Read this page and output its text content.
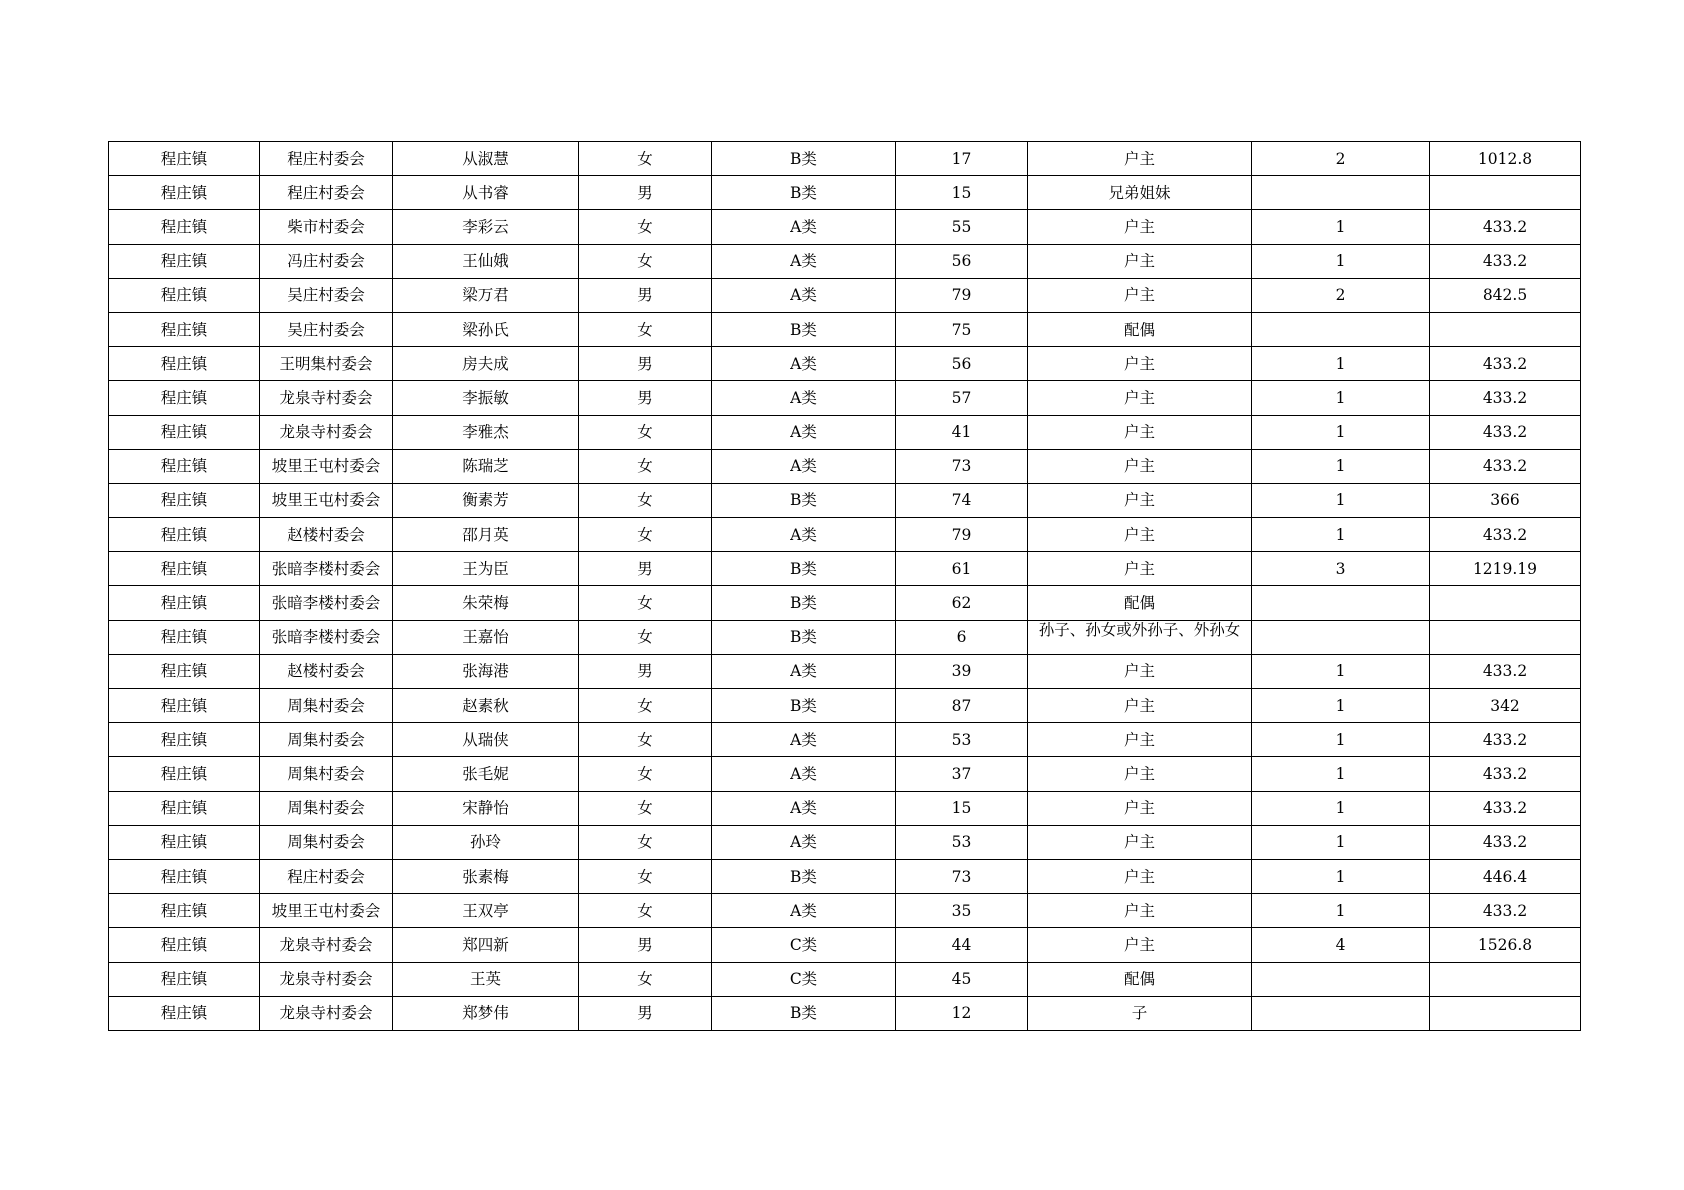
程庄镇	程庄村委会	从淑慧	女	B类	17	户主	2	1012.8
程庄镇	程庄村委会	从书睿	男	B类	15	兄弟姐妹		
程庄镇	柴市村委会	李彩云	女	A类	55	户主	1	433.2
程庄镇	冯庄村委会	王仙娥	女	A类	56	户主	1	433.2
程庄镇	吴庄村委会	梁万君	男	A类	79	户主	2	842.5
程庄镇	吴庄村委会	梁孙氏	女	B类	75	配偶		
程庄镇	王明集村委会	房夫成	男	A类	56	户主	1	433.2
程庄镇	龙泉寺村委会	李振敏	男	A类	57	户主	1	433.2
程庄镇	龙泉寺村委会	李雅杰	女	A类	41	户主	1	433.2
程庄镇	坡里王屯村委会	陈瑞芝	女	A类	73	户主	1	433.2
程庄镇	坡里王屯村委会	衡素芳	女	B类	74	户主	1	366
程庄镇	赵楼村委会	邵月英	女	A类	79	户主	1	433.2
程庄镇	张暗李楼村委会	王为臣	男	B类	61	户主	3	1219.19
程庄镇	张暗李楼村委会	朱荣梅	女	B类	62	配偶		
程庄镇	张暗李楼村委会	王嘉怡	女	B类	6	孙子、孙女或外孙子、外孙女		

程庄镇	赵楼村委会	张海港	男	A类	39	户主	1	433.2
程庄镇	周集村委会	赵素秋	女	B类	87	户主	1	342
程庄镇	周集村委会	从瑞侠	女	A类	53	户主	1	433.2
程庄镇	周集村委会	张毛妮	女	A类	37	户主	1	433.2
程庄镇	周集村委会	宋静怡	女	A类	15	户主	1	433.2
程庄镇	周集村委会	孙玲	女	A类	53	户主	1	433.2
程庄镇	程庄村委会	张素梅	女	B类	73	户主	1	446.4
程庄镇	坡里王屯村委会	王双亭	女	A类	35	户主	1	433.2
程庄镇	龙泉寺村委会	郑四新	男	C类	44	户主	4	1526.8
程庄镇	龙泉寺村委会	王英	女	C类	45	配偶		
程庄镇	龙泉寺村委会	郑梦伟	男	B类	12	子		
